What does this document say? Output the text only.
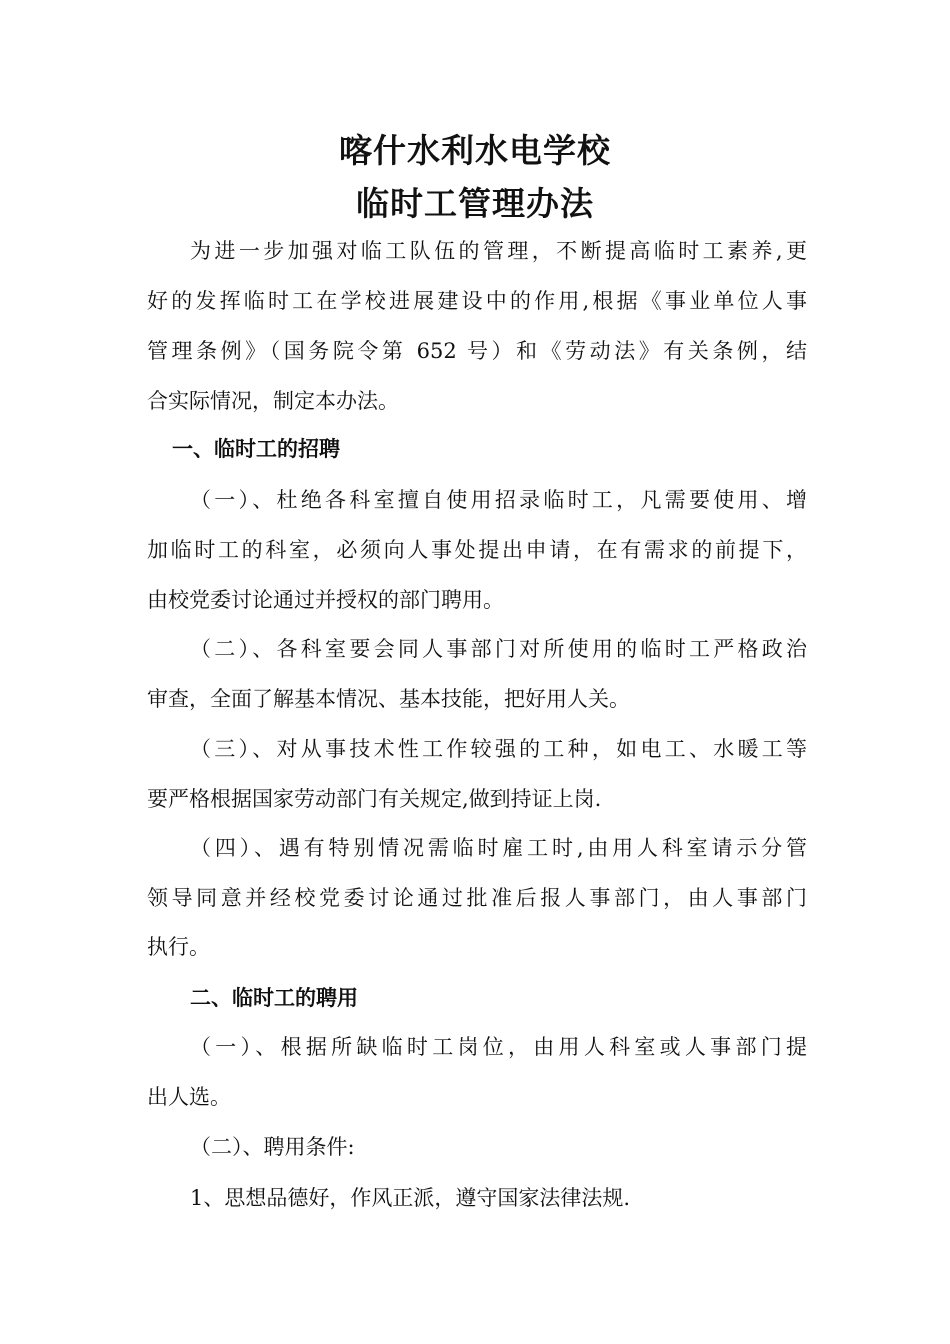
喀什水利水电学校
临时工管理办法
为进一步加强对临工队伍的管理，不断提高临时工素养,更
好的发挥临时工在学校进展建设中的作用,根据《事业单位人事
管理条例》（国务院令第 652 号）和《劳动法》有关条例，结
合实际情况，制定本办法。
一、临时工的招聘
（一）、杜绝各科室擅自使用招录临时工，凡需要使用、增
加临时工的科室，必须向人事处提出申请，在有需求的前提下，
由校党委讨论通过并授权的部门聘用。
（二）、各科室要会同人事部门对所使用的临时工严格政治
审查，全面了解基本情况、基本技能，把好用人关。
（三）、对从事技术性工作较强的工种，如电工、水暖工等
要严格根据国家劳动部门有关规定,做到持证上岗.
（四）、遇有特别情况需临时雇工时,由用人科室请示分管
领导同意并经校党委讨论通过批准后报人事部门，由人事部门
执行。
二、临时工的聘用
（一）、根据所缺临时工岗位，由用人科室或人事部门提
出人选。
（二）、聘用条件:
1、思想品德好，作风正派，遵守国家法律法规.
